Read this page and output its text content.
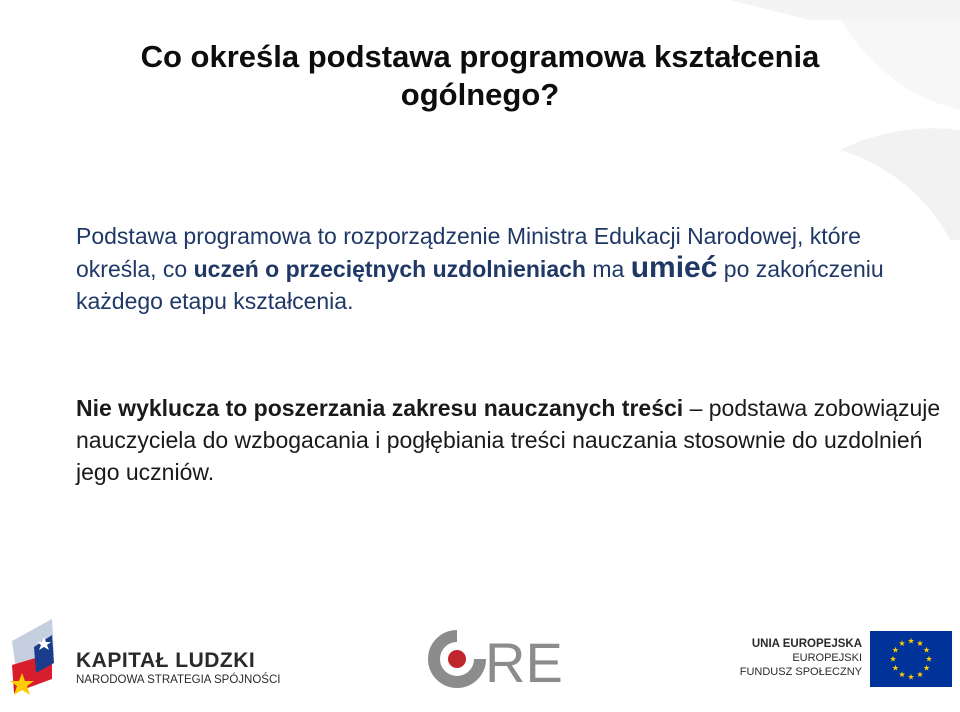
Co określa podstawa programowa kształcenia
ogólnego?

Podstawa programowa to rozporządzenie Ministra Edukacji Narodowej, które określa, co uczeń o przeciętnych uzdolnieniach ma umieć po zakończeniu każdego etapu kształcenia.

Nie wyklucza to poszerzania zakresu nauczanych treści – podstawa zobowiązuje nauczyciela do wzbogacania i pogłębiania treści nauczania stosownie do uzdolnień jego uczniów.

KAPITAŁ LUDZKI
NARODOWA STRATEGIA SPÓJNOŚCI	RE	UNIA EUROPEJSKA
EUROPEJSKI
FUNDUSZ SPOŁECZNY
